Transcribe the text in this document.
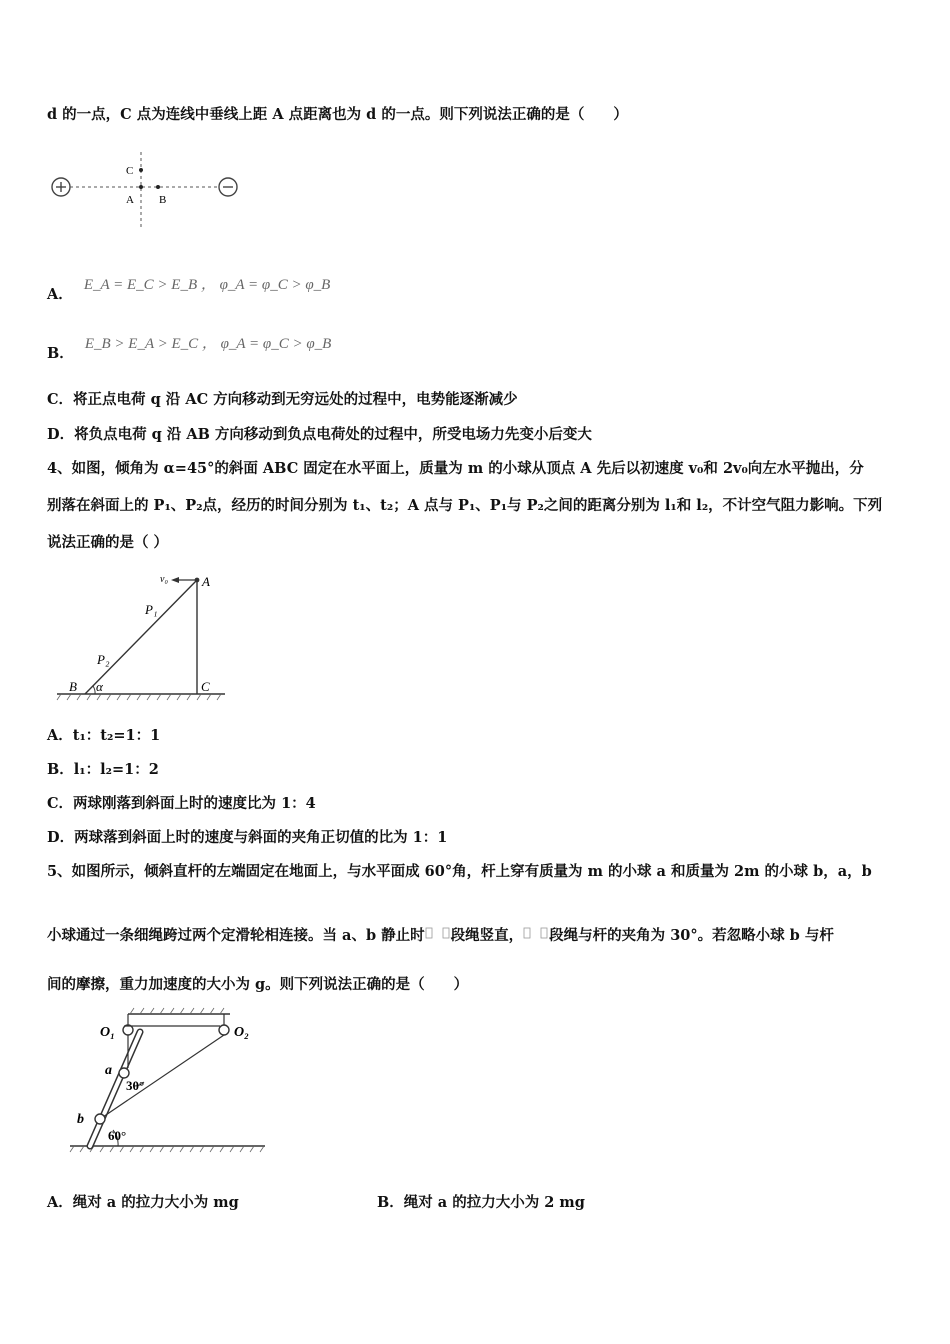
d 的一点，C 点为连线中垂线上距 A 点距离也为 d 的一点。则下列说法正确的是（　　）
C
A B
A． E_A = E_C > E_B ， φ_A = φ_C > φ_B
B． E_B > E_A > E_C ， φ_A = φ_C > φ_B
C．将正点电荷 q 沿 AC 方向移动到无穷远处的过程中，电势能逐渐减少
D．将负点电荷 q 沿 AB 方向移动到负点电荷处的过程中，所受电场力先变小后变大
4、如图，倾角为 α=45°的斜面 ABC 固定在水平面上，质量为 m 的小球从顶点 A 先后以初速度 v₀和 2v₀向左水平抛出，分
别落在斜面上的 P₁、P₂点，经历的时间分别为 t₁、t₂；A 点与 P₁、P₁与 P₂之间的距离分别为 l₁和 l₂，不计空气阻力影响。下列
说法正确的是（ ）
v₀	A
P₁
P₂
B α	C
A．t₁：t₂=1：1
B．l₁：l₂=1：2
C．两球刚落到斜面上时的速度比为 1：4
D．两球落到斜面上时的速度与斜面的夹角正切值的比为 1：1
5、如图所示，倾斜直杆的左端固定在地面上，与水平面成 60°角，杆上穿有质量为 m 的小球 a 和质量为 2m 的小球 b，a，b
小球通过一条细绳跨过两个定滑轮相连接。当 a、b 静止时 段绳竖直， 段绳与杆的夹角为 30°。若忽略小球 b 与杆
间的摩擦，重力加速度的大小为 g。则下列说法正确的是（　　）
O₁	O₂
a
30°
b
60°
A．绳对 a 的拉力大小为 mg	B．绳对 a 的拉力大小为 2 mg
